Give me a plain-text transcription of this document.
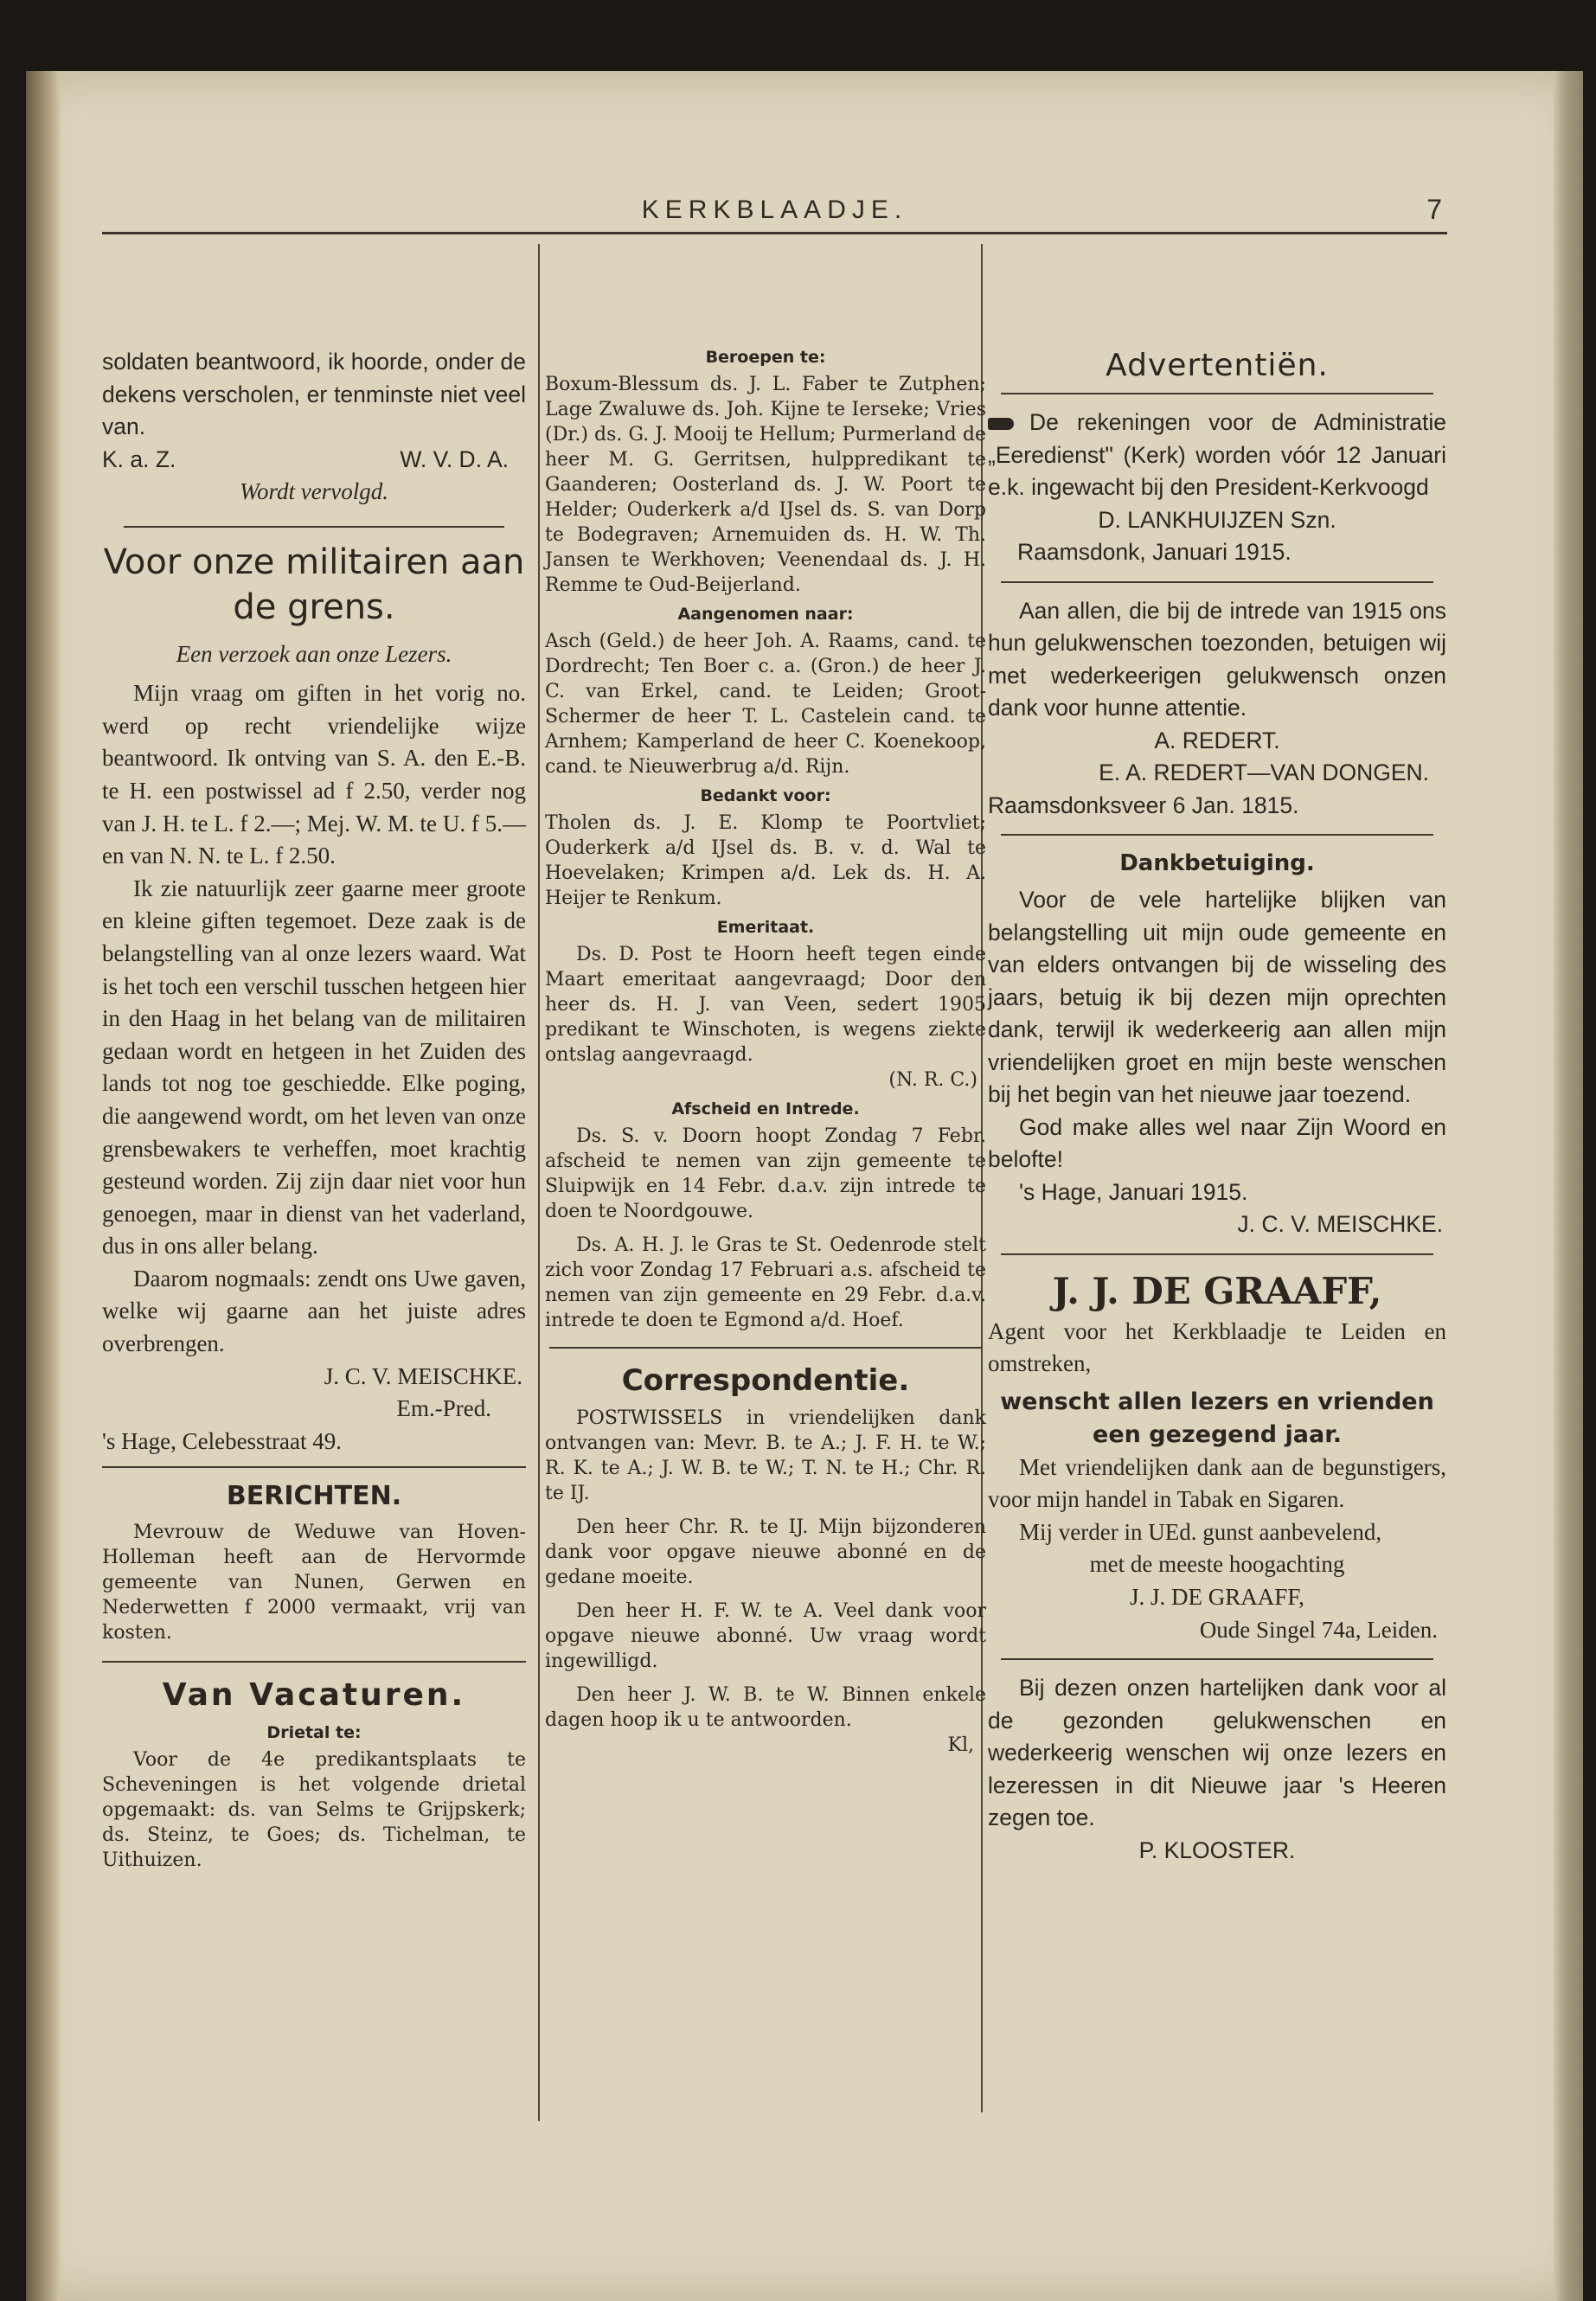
KERKBLAADJE.	7

soldaten beantwoord, ik hoorde, onder de dekens verscholen, er tenminste niet veel van.

K. a. Z.	W. V. D. A.

Wordt vervolgd.

Voor onze militairen aan de grens.

Een verzoek aan onze Lezers.

Mijn vraag om giften in het vorig no. werd op recht vriendelijke wijze beantwoord. Ik ontving van S. A. den E.-B. te H. een postwissel ad f 2.50, verder nog van J. H. te L. f 2.—; Mej. W. M. te U. f 5.— en van N. N. te L. f 2.50.

Ik zie natuurlijk zeer gaarne meer groote en kleine giften tegemoet. Deze zaak is de belangstelling van al onze lezers waard. Wat is het toch een verschil tusschen hetgeen hier in den Haag in het belang van de militairen gedaan wordt en hetgeen in het Zuiden des lands tot nog toe geschiedde. Elke poging, die aangewend wordt, om het leven van onze grensbewakers te verheffen, moet krachtig gesteund worden. Zij zijn daar niet voor hun genoegen, maar in dienst van het vaderland, dus in ons aller belang.

Daarom nogmaals: zendt ons Uwe gaven, welke wij gaarne aan het juiste adres overbrengen.

J. C. V. MEISCHKE.

Em.-Pred.

's Hage, Celebesstraat 49.

BERICHTEN.

Mevrouw de Weduwe van Hoven-Holleman heeft aan de Hervormde gemeente van Nunen, Gerwen en Nederwetten f 2000 vermaakt, vrij van kosten.

Van Vacaturen.
Drietal te:

Voor de 4e predikantsplaats te Scheveningen is het volgende drietal opgemaakt: ds. van Selms te Grijpskerk; ds. Steinz, te Goes; ds. Tichelman, te Uithuizen.

Beroepen te:

Boxum-Blessum ds. J. L. Faber te Zutphen; Lage Zwaluwe ds. Joh. Kijne te Ierseke; Vries (Dr.) ds. G. J. Mooij te Hellum; Purmerland de heer M. G. Gerritsen, hulppredikant te Gaanderen; Oosterland ds. J. W. Poort te Helder; Ouderkerk a/d IJsel ds. S. van Dorp te Bodegraven; Arnemuiden ds. H. W. Th. Jansen te Werkhoven; Veenendaal ds. J. H. Remme te Oud-Beijerland.

Aangenomen naar:

Asch (Geld.) de heer Joh. A. Raams, cand. te Dordrecht; Ten Boer c. a. (Gron.) de heer J. C. van Erkel, cand. te Leiden; Groot-Schermer de heer T. L. Castelein cand. te Arnhem; Kamperland de heer C. Koenekoop, cand. te Nieuwerbrug a/d. Rijn.

Bedankt voor:

Tholen ds. J. E. Klomp te Poortvliet; Ouderkerk a/d IJsel ds. B. v. d. Wal te Hoevelaken; Krimpen a/d. Lek ds. H. A. Heijer te Renkum.

Emeritaat.

Ds. D. Post te Hoorn heeft tegen einde Maart emeritaat aangevraagd; Door den heer ds. H. J. van Veen, sedert 1905 predikant te Winschoten, is wegens ziekte ontslag aangevraagd.

(N. R. C.)

Afscheid en Intrede.

Ds. S. v. Doorn hoopt Zondag 7 Febr. afscheid te nemen van zijn gemeente te Sluipwijk en 14 Febr. d.a.v. zijn intrede te doen te Noordgouwe.

Ds. A. H. J. le Gras te St. Oedenrode stelt zich voor Zondag 17 Februari a.s. afscheid te nemen van zijn gemeente en 29 Febr. d.a.v. intrede te doen te Egmond a/d. Hoef.

Correspondentie.

POSTWISSELS in vriendelijken dank ontvangen van: Mevr. B. te A.; J. F. H. te W.; R. K. te A.; J. W. B. te W.; T. N. te H.; Chr. R. te IJ.

Den heer Chr. R. te IJ. Mijn bijzonderen dank voor opgave nieuwe abonné en de gedane moeite.

Den heer H. F. W. te A. Veel dank voor opgave nieuwe abonné. Uw vraag wordt ingewilligd.

Den heer J. W. B. te W. Binnen enkele dagen hoop ik u te antwoorden.

Kl,

Advertentiën.

De rekeningen voor de Administratie „Eeredienst" (Kerk) worden vóór 12 Januari e.k. ingewacht bij den President-Kerkvoogd

D. LANKHUIJZEN Szn.

Raamsdonk, Januari 1915.

Aan allen, die bij de intrede van 1915 ons hun gelukwenschen toezonden, betuigen wij met wederkeerigen gelukwensch onzen dank voor hunne attentie.

A. REDERT.

E. A. REDERT—VAN DONGEN.

Raamsdonksveer 6 Jan. 1815.

Dankbetuiging.

Voor de vele hartelijke blijken van belangstelling uit mijn oude gemeente en van elders ontvangen bij de wisseling des jaars, betuig ik bij dezen mijn oprechten dank, terwijl ik wederkeerig aan allen mijn vriendelijken groet en mijn beste wenschen bij het begin van het nieuwe jaar toezend.

God make alles wel naar Zijn Woord en belofte!

's Hage, Januari 1915.

J. C. V. MEISCHKE.

J. J. DE GRAAFF,

Agent voor het Kerkblaadje te Leiden en omstreken,

wenscht allen lezers en vrienden een gezegend jaar.

Met vriendelijken dank aan de begunstigers, voor mijn handel in Tabak en Sigaren.

Mij verder in UEd. gunst aanbevelend,

met de meeste hoogachting

J. J. DE GRAAFF,

Oude Singel 74a, Leiden.

Bij dezen onzen hartelijken dank voor al de gezonden gelukwenschen en wederkeerig wenschen wij onze lezers en lezeressen in dit Nieuwe jaar 's Heeren zegen toe.

P. KLOOSTER.
